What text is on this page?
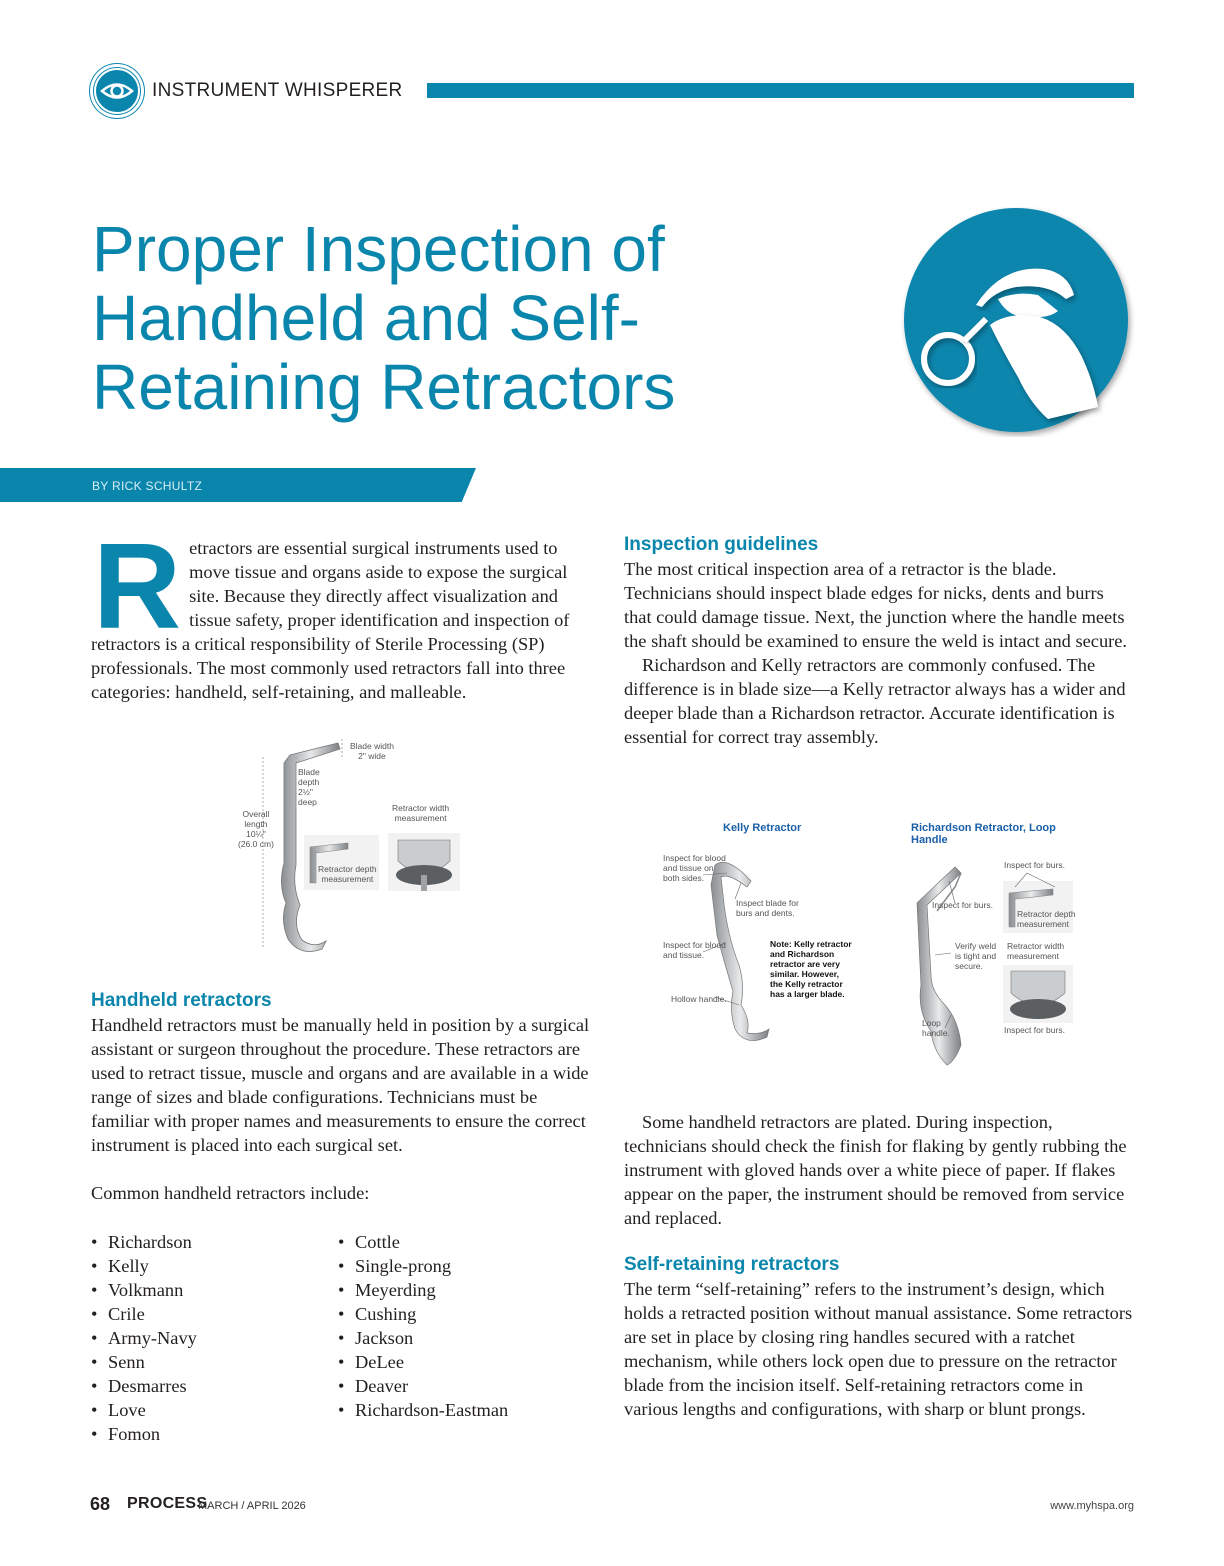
INSTRUMENT WHISPERER
Proper Inspection of Handheld and Self-Retaining Retractors
BY RICK SCHULTZ

Retractors are essential surgical instruments used to move tissue and organs aside to expose the surgical site. Because they directly affect visualization and tissue safety, proper identification and inspection of retractors is a critical responsibility of Sterile Processing (SP) professionals. The most commonly used retractors fall into three categories: handheld, self-retaining, and malleable.

Blade width
2" wide
Blade
depth
2½"
deep
Overall
length
10¼"
(26.0 cm)
Retractor width
measurement
Retractor depth
measurement
Handheld retractors

Handheld retractors must be manually held in position by a surgical assistant or surgeon throughout the procedure. These retractors are used to retract tissue, muscle and organs and are available in a wide range of sizes and blade configurations. Technicians must be familiar with proper names and measurements to ensure the correct instrument is placed into each surgical set.

Common handheld retractors include:

• Richardson
• Kelly
• Volkmann
• Crile
• Army-Navy
• Senn
• Desmarres
• Love
• Fomon
• Cottle
• Single-prong
• Meyerding
• Cushing
• Jackson
• DeLee
• Deaver
• Richardson-Eastman
Inspection guidelines

The most critical inspection area of a retractor is the blade. Technicians should inspect blade edges for nicks, dents and burrs that could damage tissue. Next, the junction where the handle meets the shaft should be examined to ensure the weld is intact and secure.

Richardson and Kelly retractors are commonly confused. The difference is in blade size—a Kelly retractor always has a wider and deeper blade than a Richardson retractor. Accurate identification is essential for correct tray assembly.

Kelly Retractor	Richardson Retractor, Loop Handle
Inspect for blood
and tissue on
both sides.
Inspect blade for
burs and dents.
Inspect for blood
and tissue.
Note: Kelly retractor
and Richardson
retractor are very
similar. However,
the Kelly retractor
has a larger blade.
Hollow handle.
Inspect for burs.
Inspect for burs.
Retractor depth
measurement
Verify weld
is tight and
secure.
Retractor width
measurement
Loop
handle.	Inspect for burs.

Some handheld retractors are plated. During inspection, technicians should check the finish for flaking by gently rubbing the instrument with gloved hands over a white piece of paper. If flakes appear on the paper, the instrument should be removed from service and replaced.

Self-retaining retractors

The term “self-retaining” refers to the instrument’s design, which holds a retracted position without manual assistance. Some retractors are set in place by closing ring handles secured with a ratchet mechanism, while others lock open due to pressure on the retractor blade from the incision itself. Self-retaining retractors come in various lengths and configurations, with sharp or blunt prongs.

68 PROCESS
MARCH / APRIL 2026	www.myhspa.org
